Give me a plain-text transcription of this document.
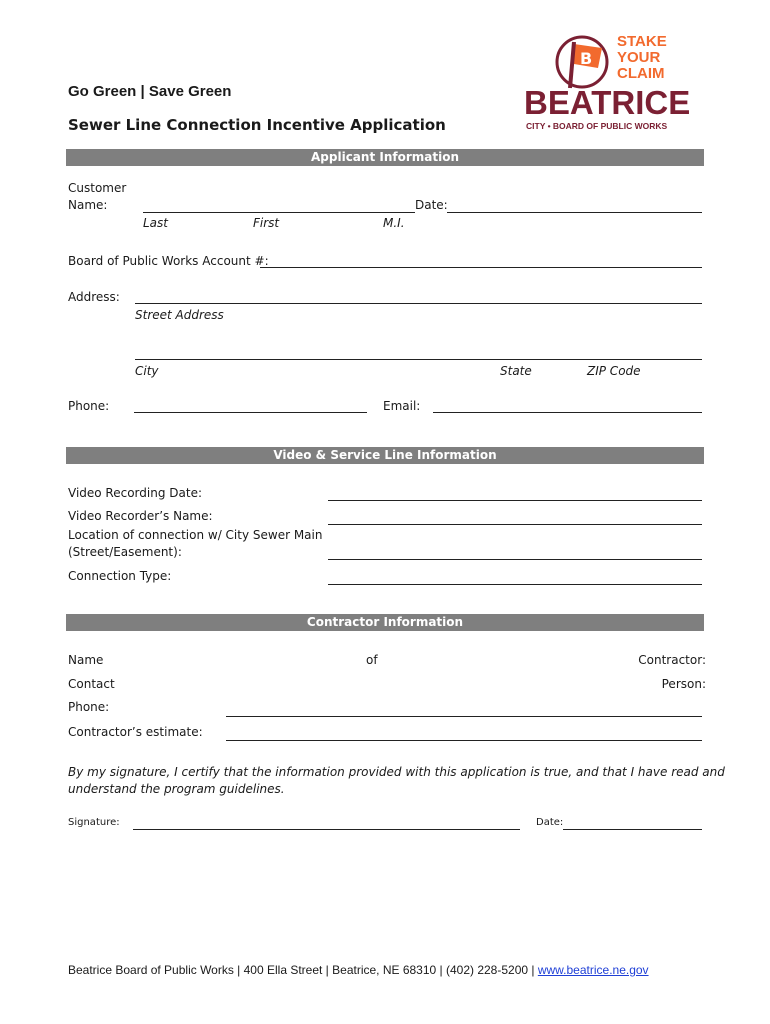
B
STAKE
YOUR
CLAIM
BEATRICE
CITY • BOARD OF PUBLIC WORKS
Go Green | Save Green
Sewer Line Connection Incentive Application
Applicant Information
Customer
Name:	Date:
Last	First	M.I.
Board of Public Works Account #:
Address:
Street Address
City	State	ZIP Code
Phone:	Email:
Video & Service Line Information
Video Recording Date:
Video Recorder’s Name:
Location of connection w/ City Sewer Main
(Street/Easement):
Connection Type:
Contractor Information
Name	of	Contractor:
Contact	Person:
Phone:
Contractor’s estimate:
By my signature, I certify that the information provided with this application is true, and that I have read and
understand the program guidelines.
Signature:	Date:
Beatrice Board of Public Works | 400 Ella Street | Beatrice, NE 68310 | (402) 228-5200 | www.beatrice.ne.gov
